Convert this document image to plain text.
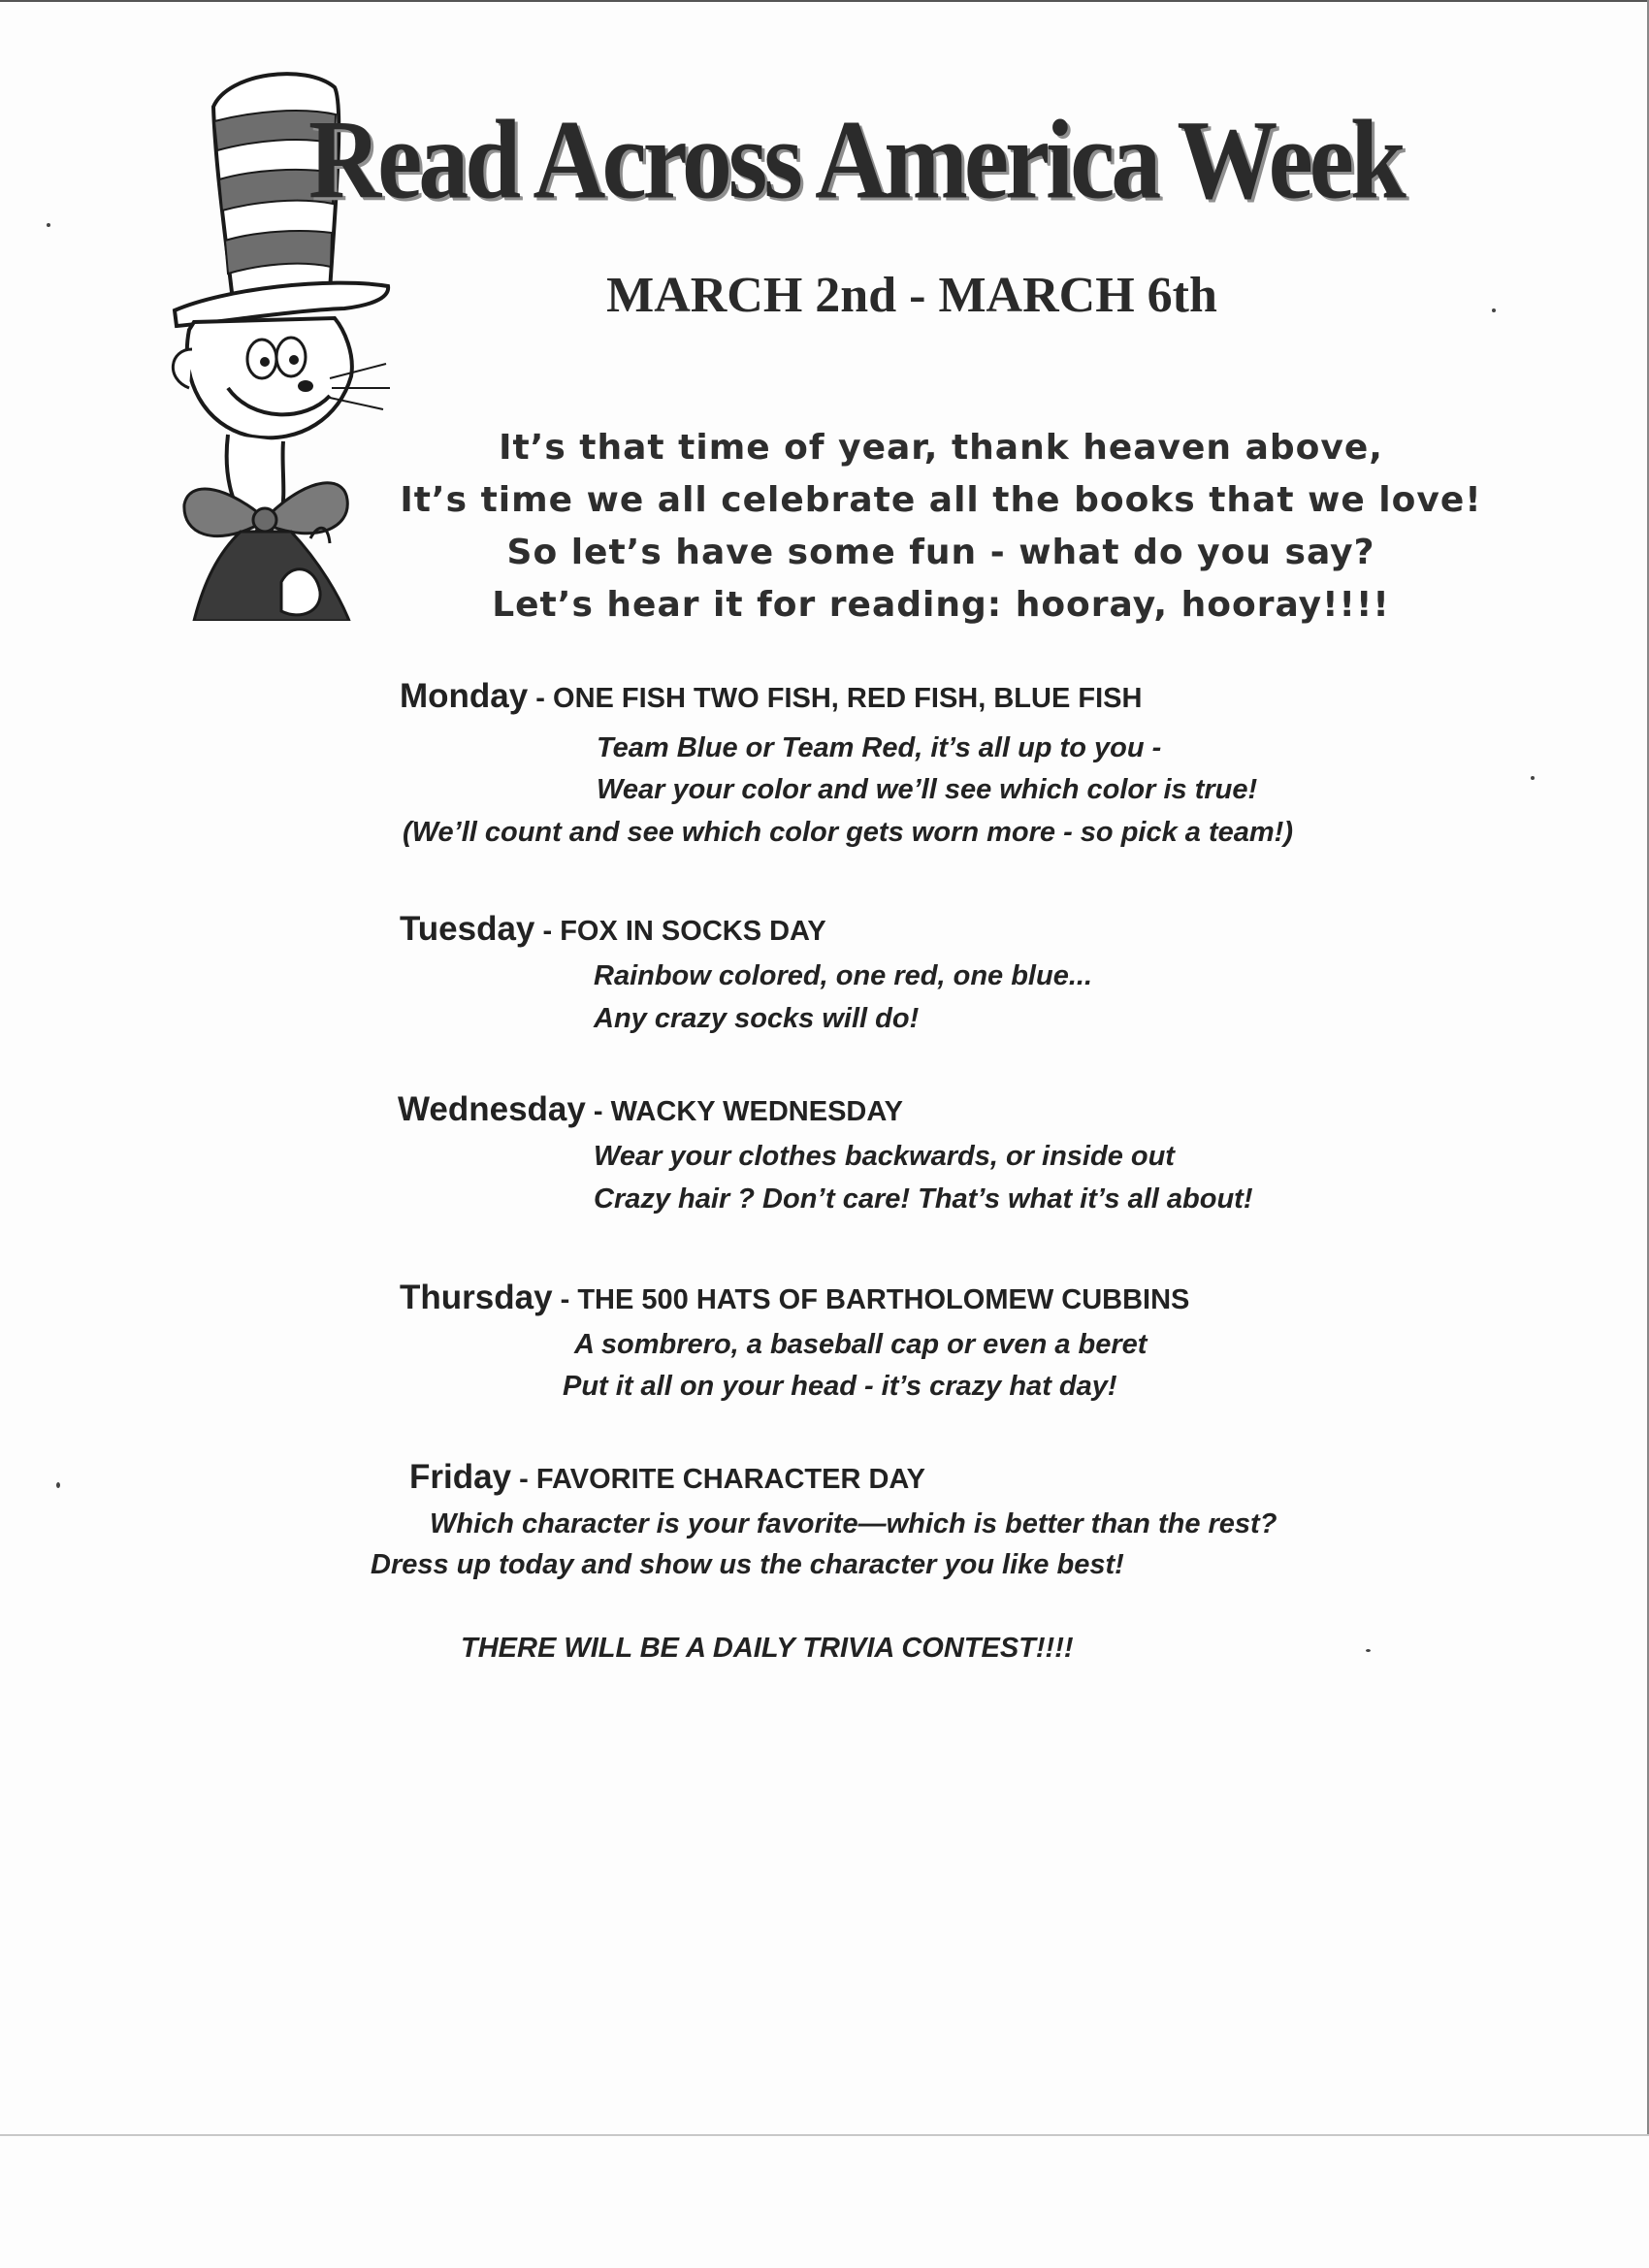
Read Across America Week
MARCH 2nd - MARCH 6th
It’s that time of year, thank heaven above,
It’s time we all celebrate all the books that we love!
So let’s have some fun - what do you say?
Let’s hear it for reading: hooray, hooray!!!!
Monday - ONE FISH TWO FISH, RED FISH, BLUE FISH
Team Blue or Team Red, it’s all up to you -
Wear your color and we’ll see which color is true!
(We’ll count and see which color gets worn more - so pick a team!)
Tuesday - FOX IN SOCKS DAY
Rainbow colored, one red, one blue...
Any crazy socks will do!
Wednesday - WACKY WEDNESDAY
Wear your clothes backwards, or inside out
Crazy hair ? Don’t care! That’s what it’s all about!
Thursday - THE 500 HATS OF BARTHOLOMEW CUBBINS
A sombrero, a baseball cap or even a beret
Put it all on your head - it’s crazy hat day!
Friday - FAVORITE CHARACTER DAY
Which character is your favorite—which is better than the rest?
Dress up today and show us the character you like best!
THERE WILL BE A DAILY TRIVIA CONTEST!!!!
